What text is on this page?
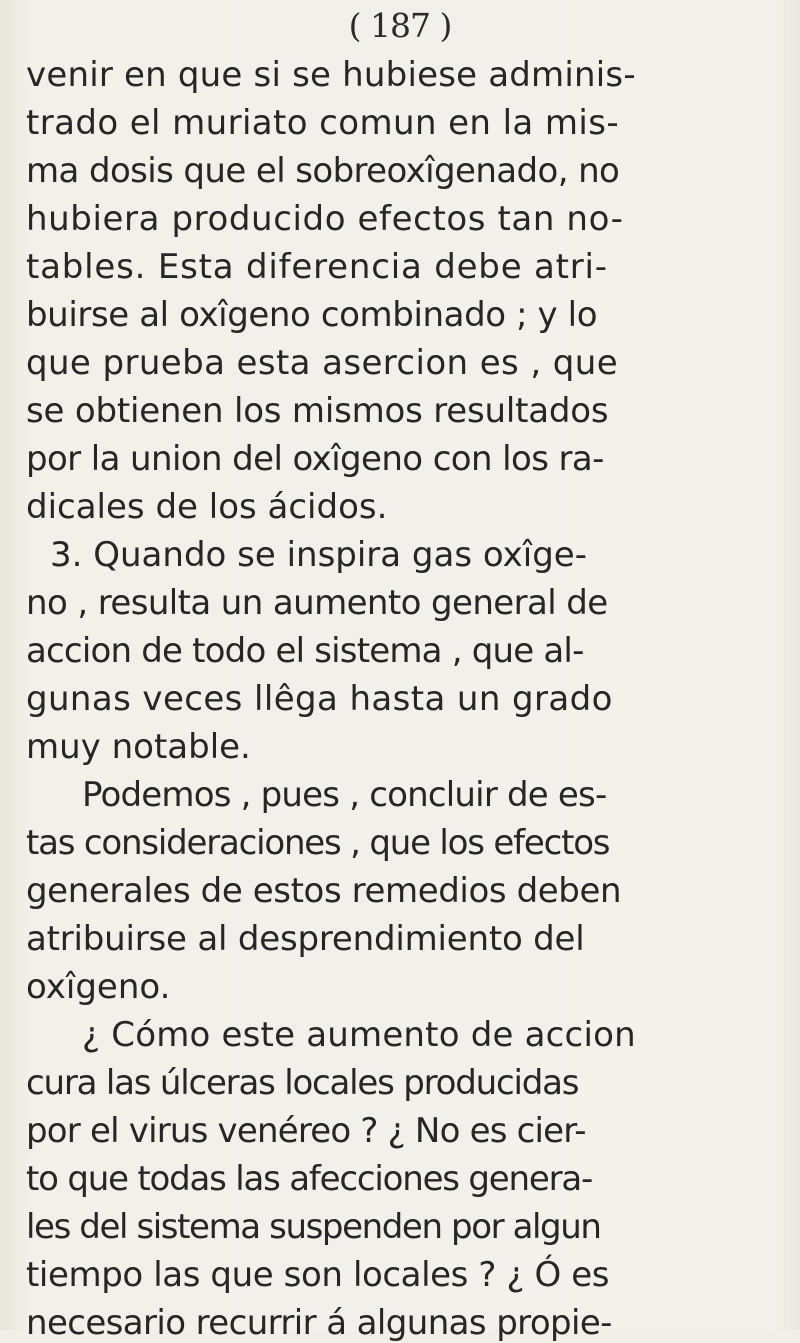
( 187 )
venir en que si se hubiese adminis-
trado el muriato comun en la mis-
ma dosis que el sobreoxîgenado, no
hubiera producido efectos tan no-
tables. Esta diferencia debe atri-
buirse al oxîgeno combinado ; y lo
que prueba esta asercion es , que
se obtienen los mismos resultados
por la union del oxîgeno con los ra-
dicales de los ácidos.
3. Quando se inspira gas oxîge-
no , resulta un aumento general de
accion de todo el sistema , que al-
gunas veces llêga hasta un grado
muy notable.
Podemos , pues , concluir de es-
tas consideraciones , que los efectos
generales de estos remedios deben
atribuirse al desprendimiento del
oxîgeno.
¿ Cómo este aumento de accion
cura las úlceras locales producidas
por el virus venéreo ? ¿ No es cier-
to que todas las afecciones genera-
les del sistema suspenden por algun
tiempo las que son locales ? ¿ Ó es
necesario recurrir á algunas propie-
